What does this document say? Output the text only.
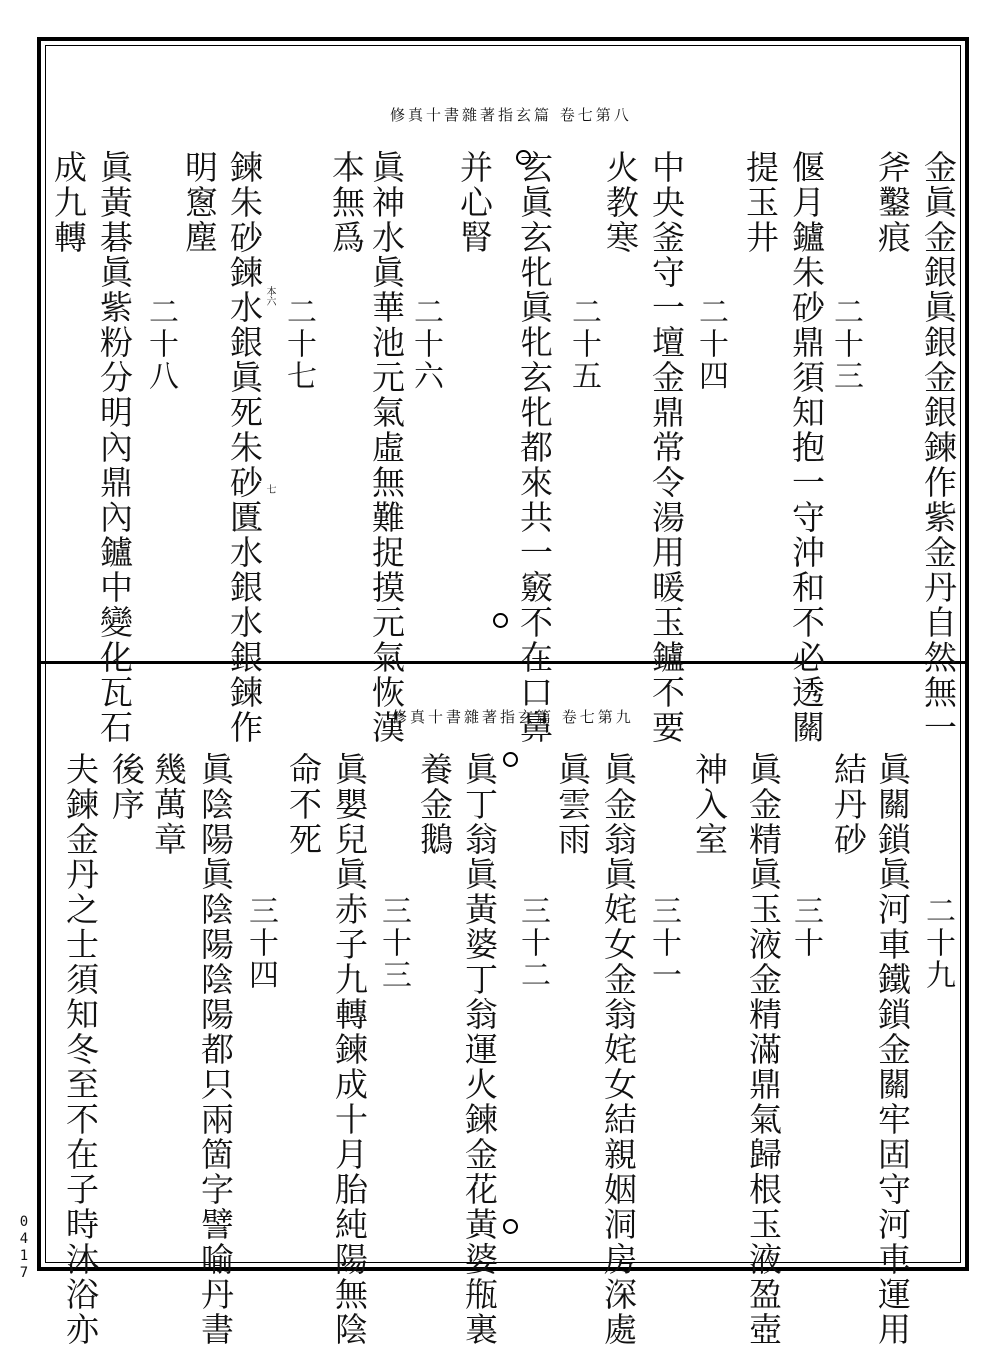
修真十書雜著指玄篇 卷七第八
金眞金銀眞銀金銀鍊作紫金丹自然無一
斧鑿痕
二十三
偃月鑪朱砂鼎須知抱一守沖和不必透關
提玉井
二十四
中央釜守一壇金鼎常令湯用暖玉鑪不要
火教寒
二十五
玄眞玄牝眞牝玄牝都來共一竅不在口鼻
并心腎
二十六
眞神水眞華池元氣虛無難捉摸元氣恢漢
本無爲
二十七
鍊朱砂鍊水銀眞死朱砂匱水銀水銀鍊作
明窻塵
二十八
眞黃碁眞紫粉分明內鼎內鑪中變化瓦石
成九轉
本六
七
修真十書雜著指玄篇 卷七第九
二十九
眞關鎖眞河車鐵鎖金關牢固守河車運用
結丹砂
三十
眞金精眞玉液金精滿鼎氣歸根玉液盈壺
神入室
三十一
眞金翁眞姹女金翁姹女結親姻洞房深處
眞雲雨
三十二
眞丁翁眞黃婆丁翁運火鍊金花黃婆甁裏
養金鵝
三十三
眞嬰兒眞赤子九轉鍊成十月胎純陽無陰
命不死
三十四
眞陰陽眞陰陽陰陽都只兩箇字譬喻丹書
幾萬章
後序
夫鍊金丹之士須知冬至不在子時沐浴亦
0417
